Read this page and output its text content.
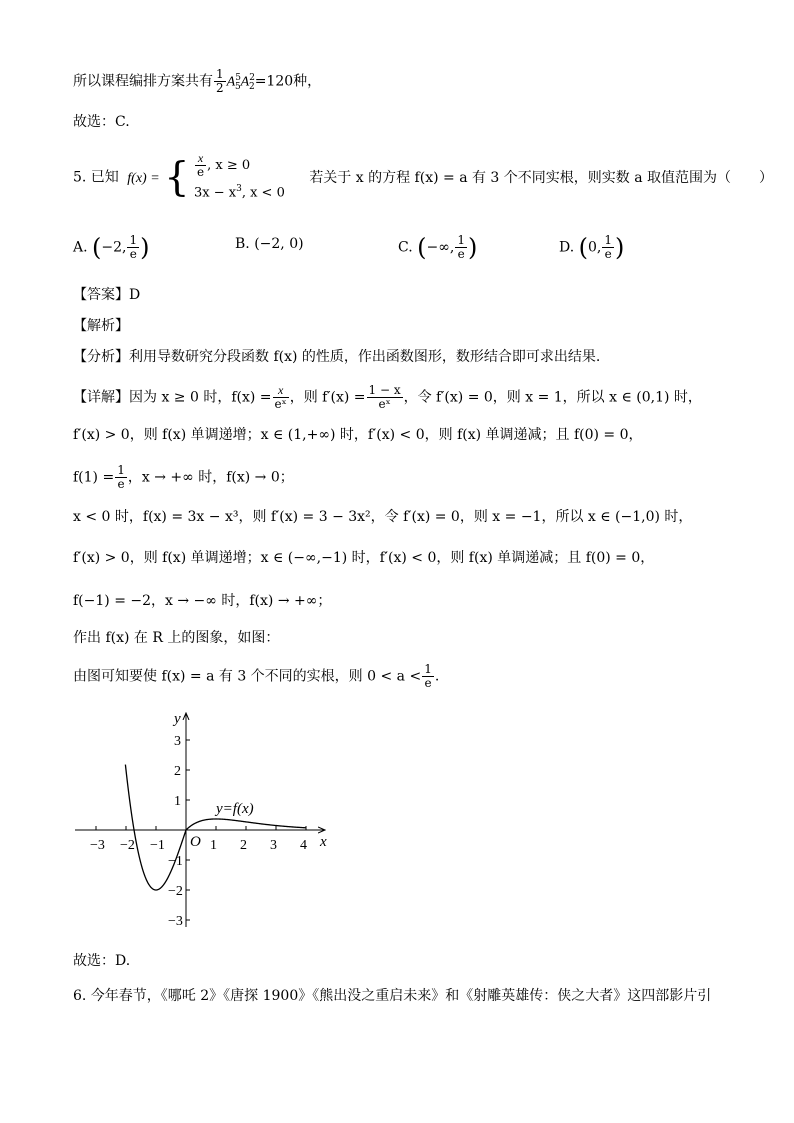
所以课程编排方案共有 $\frac{1}{2} A^5_5A^2_2=120$种，
故选：C.
5. 已知 f(x) = { $\frac{x}{e}$ , x ≥ 0
$3x - x^3$, x < 0
若关于 x 的方程 f(x) = a 有 3 个不同实根，则实数 a 取值范围为（　　）
A. (−2, $\frac{1}{e}$ )	B. (−2, 0)	C. (−∞, $\frac{1}{e}$ )	D. (0, $\frac{1}{e}$ )
【答案】D
【解析】
【分析】利用导数研究分段函数 f(x) 的性质，作出函数图形，数形结合即可求出结果.
【详解】因为 x ≥ 0 时，$f(x) = \frac{x}{\text{eˣ}}$ ，则 $f'(x) = \frac{1 - x}{\text{eˣ}}$ ，令 f′(x) = 0，则 x = 1，所以 x ∈ (0,1) 时，
f′(x) > 0，则 f(x) 单调递增；x ∈ (1,+∞) 时，f′(x) < 0，则 f(x) 单调递减；且 f(0) = 0，
$f(1) = \frac{1}{e}$ ，x → +∞ 时，f(x) → 0；
x < 0 时，f(x) = 3x − x³，则 f′(x) = 3 − 3x²，令 f′(x) = 0，则 x = −1，所以 x ∈ (−1,0) 时，
f′(x) > 0，则 f(x) 单调递增；x ∈ (−∞,−1) 时，f′(x) < 0，则 f(x) 单调递减；且 f(0) = 0，
f(−1) = −2，x → −∞ 时，f(x) → +∞；
作出 f(x) 在 R 上的图象，如图：
由图可知要使 f(x) = a 有 3 个不同的实根，则 $0 < a < \frac{1}{e}$ .
x
y
O
−3 −2 −1	1 2 3 4
3
2
1
−1
−2
−3
y=f(x)
故选：D.
6. 今年春节，《哪吒 2》《唐探 1900》《熊出没之重启未来》和《射雕英雄传：侠之大者》这四部影片引
